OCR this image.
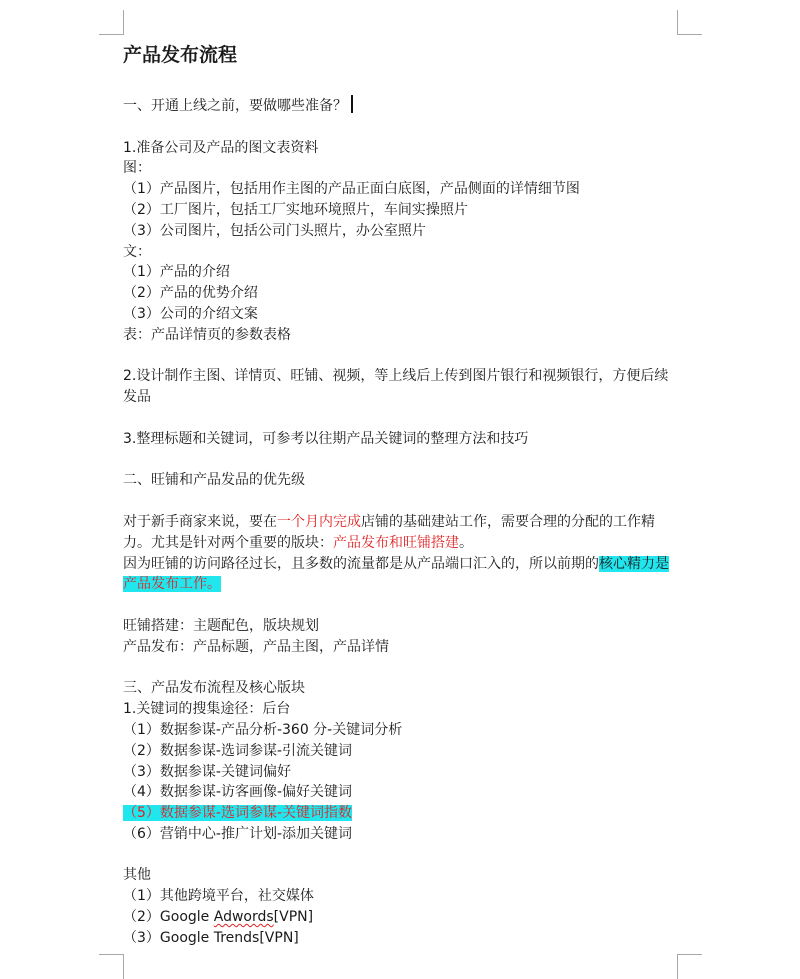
产品发布流程
一、开通上线之前，要做哪些准备？
1.准备公司及产品的图文表资料
图：
（1）产品图片，包括用作主图的产品正面白底图，产品侧面的详情细节图
（2）工厂图片，包括工厂实地环境照片，车间实操照片
（3）公司图片，包括公司门头照片，办公室照片
文：
（1）产品的介绍
（2）产品的优势介绍
（3）公司的介绍文案
表：产品详情页的参数表格
2.设计制作主图、详情页、旺铺、视频，等上线后上传到图片银行和视频银行，方便后续发品
3.整理标题和关键词，可参考以往期产品关键词的整理方法和技巧
二、旺铺和产品发品的优先级
对于新手商家来说，要在一个月内完成店铺的基础建站工作，需要合理的分配的工作精力。尤其是针对两个重要的版块：产品发布和旺铺搭建。
因为旺铺的访问路径过长，且多数的流量都是从产品端口汇入的，所以前期的核心精力是产品发布工作。
旺铺搭建：主题配色，版块规划
产品发布：产品标题，产品主图，产品详情
三、产品发布流程及核心版块
1.关键词的搜集途径：后台
（1）数据参谋-产品分析-360 分-关键词分析
（2）数据参谋-选词参谋-引流关键词
（3）数据参谋-关键词偏好
（4）数据参谋-访客画像-偏好关键词
（5）数据参谋-选词参谋-关键词指数
（6）营销中心-推广计划-添加关键词
其他
（1）其他跨境平台，社交媒体
（2）Google Adwords[VPN]
（3）Google Trends[VPN]
